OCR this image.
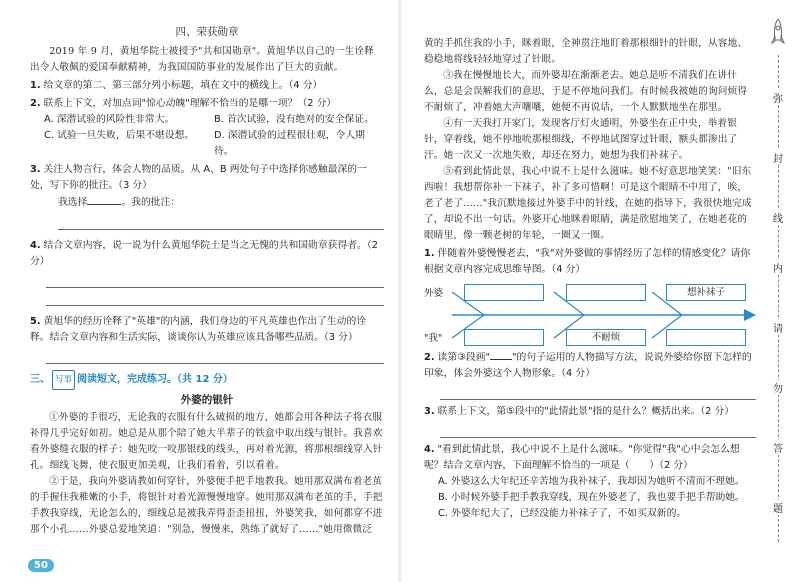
四、荣获勋章
2019 年 9 月，黄旭华院士被授予"共和国勋章"。黄旭华以自己的一生诠释
出令人敬佩的爱国奉献精神，为我国国防事业的发展作出了巨大的贡献。
1. 给文章的第二、第三部分列小标题，填在文中的横线上。（4 分）
2. 联系上下文，对加点词"惊心动魄"理解不恰当的是哪一项？（2 分）
A. 深潜试验的风险性非常大。	B. 首次试验，没有绝对的安全保证。
C. 试验一旦失败，后果不堪设想。	D. 深潜试验的过程很壮观，令人期待。
3. 关注人物言行，体会人物的品质。从 A、B 两处句子中选择你感触最深的一处，写下你的批注。（3 分）
我选择	。我的批注：
4. 结合文章内容，说一说为什么黄旭华院士是当之无愧的共和国勋章获得者。（2 分）
5. 黄旭华的经历诠释了"英雄"的内涵，我们身边的平凡英雄也作出了生动的诠释。结合文章内容和生活实际，谈谈你认为英雄应该具备哪些品质。（3 分）
三、 写事 阅读短文，完成练习。（共 12 分）
外婆的银针
①外婆的手很巧，无论我的衣服有什么破损的地方，她都会用各种法子将衣服补得几乎完好如初。她总是从那个陪了她大半辈子的铁盒中取出线与银针。我喜欢看外婆缝衣服的样子：她先咬一咬那银线的线头，再对着光源，将那根细线穿入针孔。细线飞舞，使衣服更加美观，让我们看着，引以看着。
②于是，我向外婆请教如何穿针，外婆便手把手地教我。她用那双满布着老茧的手握住我稚嫩的小手，将银针对着光源慢慢地穿。她用那双满布老茧的手，手把手教我穿线，无论怎么的，细线总是被我弄得歪歪扭扭，外婆笑我，如何都穿不进那个小孔……外婆总爱地笑道："别急，慢慢来，熟练了就好了……"她用微微泛
50
黄的手抓住我的小手，眯着眼，全神贯注地盯着那根细针的针眼，从容地、稳稳地将线轻轻地穿过了针眼。
③我在慢慢地长大，而外婆却在渐渐老去。她总是听不清我们在讲什么，总是会误解我们的意思，于是不停地问我们。有时候我被她的询问烦得不耐烦了，冲着她大声嚷嚷，她便不再说话，一个人默默地坐在那里。
④有一天我打开家门，发现客厅灯火通明，外婆坐在正中央，举着银针，穿着线，她不停地吮那根细线，不停地试图穿过针眼，额头都渗出了汗。她一次又一次地失败，却还在努力，她想为我们补袜子。
⑤看到此情此景，我心中说不上是什么滋味。她不好意思地笑笑："旧东西啦！我想帮你补一下袜子，补了多可惜啊！可是这个眼睛不中用了，唉，老了老了……"我沉默地接过外婆手中的针线，在她的指导下，我很快地完成了，却说不出一句话。外婆开心地眯着眼睛，满是欣慰地笑了，在她老花的眼睛里，像一颗老树的年轮，一圈又一圈。
1. 伴随着外婆慢慢老去，"我"对外婆做的事情经历了怎样的情感变化？请你根据文章内容完成思维导图。（4 分）
外婆
"我"
想补袜子
不耐烦
2. 读第③段画" "的句子运用的人物描写方法，说说外婆给你留下怎样的印象，体会外婆这个人物形象。（4 分）
3. 联系上下文，第⑤段中的"此情此景"指的是什么？概括出来。（2 分）
4. "看到此情此景，我心中说不上是什么滋味。"你觉得"我"心中会怎么想呢？结合文章内容，下面理解不恰当的一项是（　　）（2 分）
A. 外婆这么大年纪还辛苦地为我补袜子，我却因为她听不清而不理她。
B. 小时候外婆手把手教我穿线，现在外婆老了，我也要手把手帮助她。
C. 外婆年纪大了，已经没能力补袜子了，不如买双新的。
弥
封
线
内
请
勿
答
题
